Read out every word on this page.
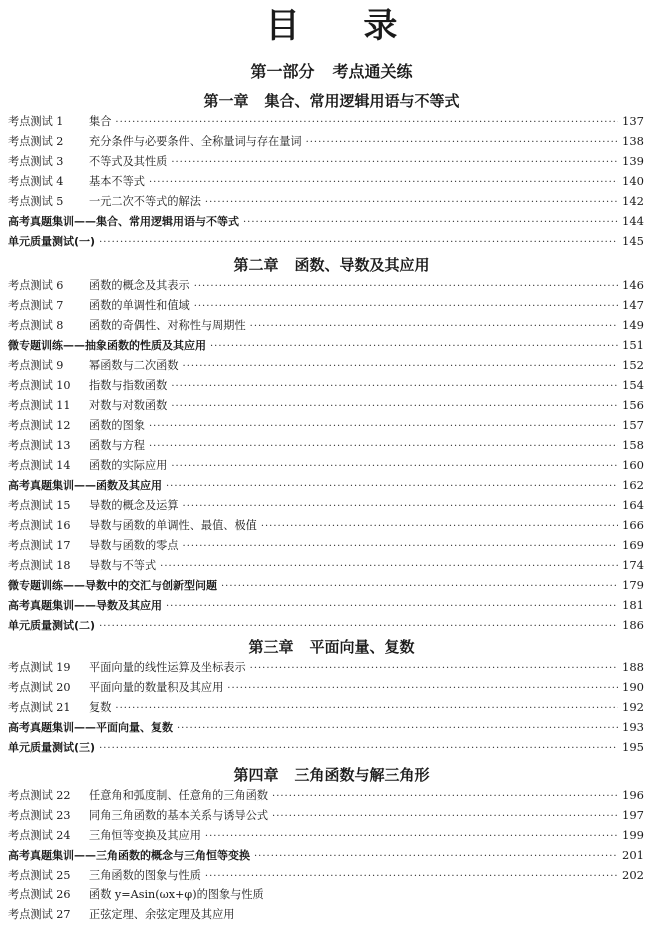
目 录
第一部分 考点通关练
第一章 集合、常用逻辑用语与不等式
第二章 函数、导数及其应用
第三章 平面向量、复数
第四章 三角函数与解三角形
考点测试 1	集合 ·····	137
考点测试 2	充分条件与必要条件、全称量词与存在量词 ·····	138
考点测试 3	不等式及其性质 ·····	139
考点测试 4	基本不等式 ·····	140
考点测试 5	一元二次不等式的解法 ·····	142
高考真题集训——集合、常用逻辑用语与不等式 ·····	144
单元质量测试(一) ·····	145
考点测试 6	函数的概念及其表示 ·····	146
考点测试 7	函数的单调性和值域 ·····	147
考点测试 8	函数的奇偶性、对称性与周期性 ·····	149
微专题训练——抽象函数的性质及其应用 ·····	151
考点测试 9	幂函数与二次函数 ·····	152
考点测试 10	指数与指数函数 ·····	154
考点测试 11	对数与对数函数 ·····	156
考点测试 12	函数的图象 ·····	157
考点测试 13	函数与方程 ·····	158
考点测试 14	函数的实际应用 ·····	160
高考真题集训——函数及其应用 ·····	162
考点测试 15	导数的概念及运算 ·····	164
考点测试 16	导数与函数的单调性、最值、极值 ·····	166
考点测试 17	导数与函数的零点 ·····	169
考点测试 18	导数与不等式 ·····	174
微专题训练——导数中的交汇与创新型问题 ·····	179
高考真题集训——导数及其应用 ·····	181
单元质量测试(二) ·····	186
考点测试 19	平面向量的线性运算及坐标表示 ·····	188
考点测试 20	平面向量的数量积及其应用 ·····	190
考点测试 21	复数 ·····	192
高考真题集训——平面向量、复数 ·····	193
单元质量测试(三) ·····	195
考点测试 22	任意角和弧度制、任意角的三角函数 ·····	196
考点测试 23	同角三角函数的基本关系与诱导公式 ·····	197
考点测试 24	三角恒等变换及其应用 ·····	199
高考真题集训——三角函数的概念与三角恒等变换 ·····	201
考点测试 25	三角函数的图象与性质 ·····	202
考点测试 26	函数 y=Asin(ωx+φ)的图象与性质
考点测试 27	正弦定理、余弦定理及其应用
